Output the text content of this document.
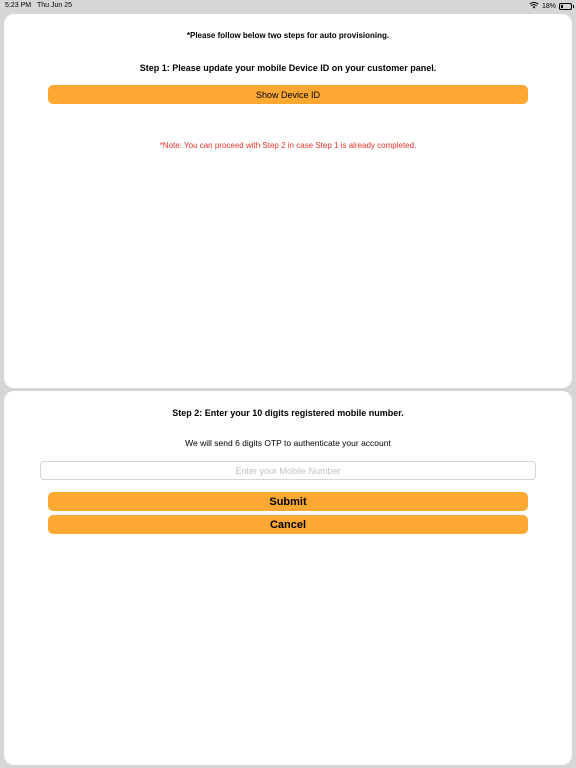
5:23 PM Thu Jun 25	18%
*Please follow below two steps for auto provisioning.
Step 1: Please update your mobile Device ID on your customer panel.
Show Device ID
*Note: You can proceed with Step 2 in case Step 1 is already completed.
Step 2: Enter your 10 digits registered mobile number.
We will send 6 digits OTP to authenticate your account
Enter your Mobile Number
Submit
Cancel
